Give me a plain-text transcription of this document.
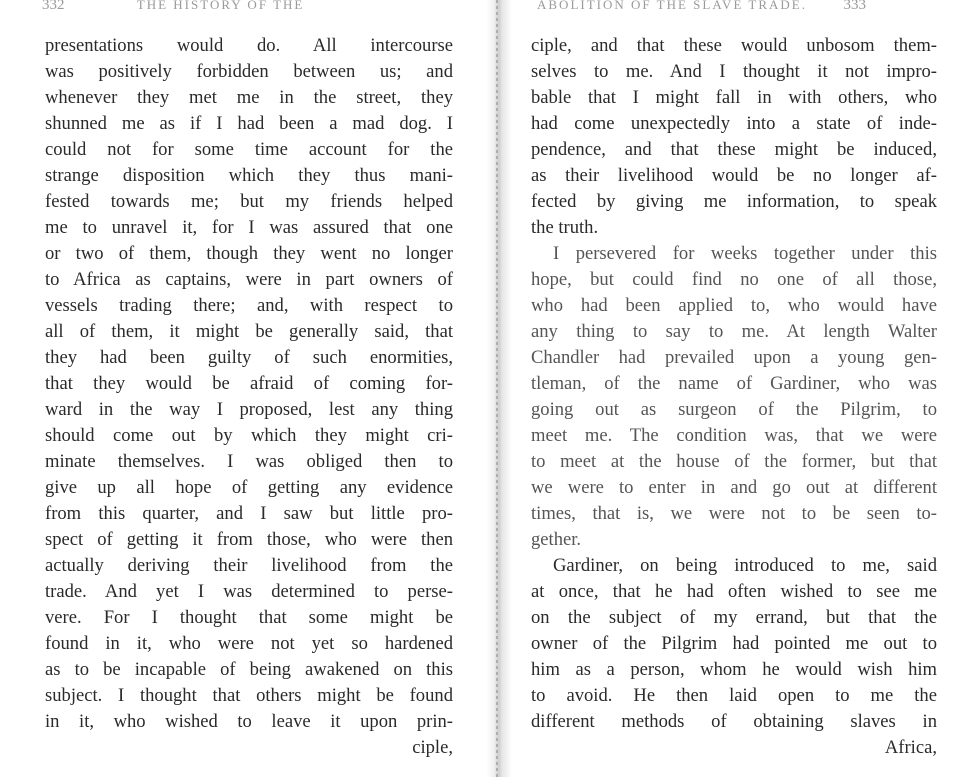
332	THE HISTORY OF THE	ABOLITION OF THE SLAVE TRADE. 333
presentations would do. All intercourse
was positively forbidden between us; and
whenever they met me in the street, they
shunned me as if I had been a mad dog. I
could not for some time account for the
strange disposition which they thus mani-
fested towards me; but my friends helped
me to unravel it, for I was assured that one
or two of them, though they went no longer
to Africa as captains, were in part owners of
vessels trading there; and, with respect to
all of them, it might be generally said, that
they had been guilty of such enormities,
that they would be afraid of coming for-
ward in the way I proposed, lest any thing
should come out by which they might cri-
minate themselves. I was obliged then to
give up all hope of getting any evidence
from this quarter, and I saw but little pro-
spect of getting it from those, who were then
actually deriving their livelihood from the
trade. And yet I was determined to perse-
vere. For I thought that some might be
found in it, who were not yet so hardened
as to be incapable of being awakened on this
subject. I thought that others might be found
in it, who wished to leave it upon prin-
ciple,
ciple, and that these would unbosom them-
selves to me. And I thought it not impro-
bable that I might fall in with others, who
had come unexpectedly into a state of inde-
pendence, and that these might be induced,
as their livelihood would be no longer af-
fected by giving me information, to speak
the truth.
I persevered for weeks together under this
hope, but could find no one of all those,
who had been applied to, who would have
any thing to say to me. At length Walter
Chandler had prevailed upon a young gen-
tleman, of the name of Gardiner, who was
going out as surgeon of the Pilgrim, to
meet me. The condition was, that we were
to meet at the house of the former, but that
we were to enter in and go out at different
times, that is, we were not to be seen to-
gether.
Gardiner, on being introduced to me, said
at once, that he had often wished to see me
on the subject of my errand, but that the
owner of the Pilgrim had pointed me out to
him as a person, whom he would wish him
to avoid. He then laid open to me the
different methods of obtaining slaves in
Africa,
